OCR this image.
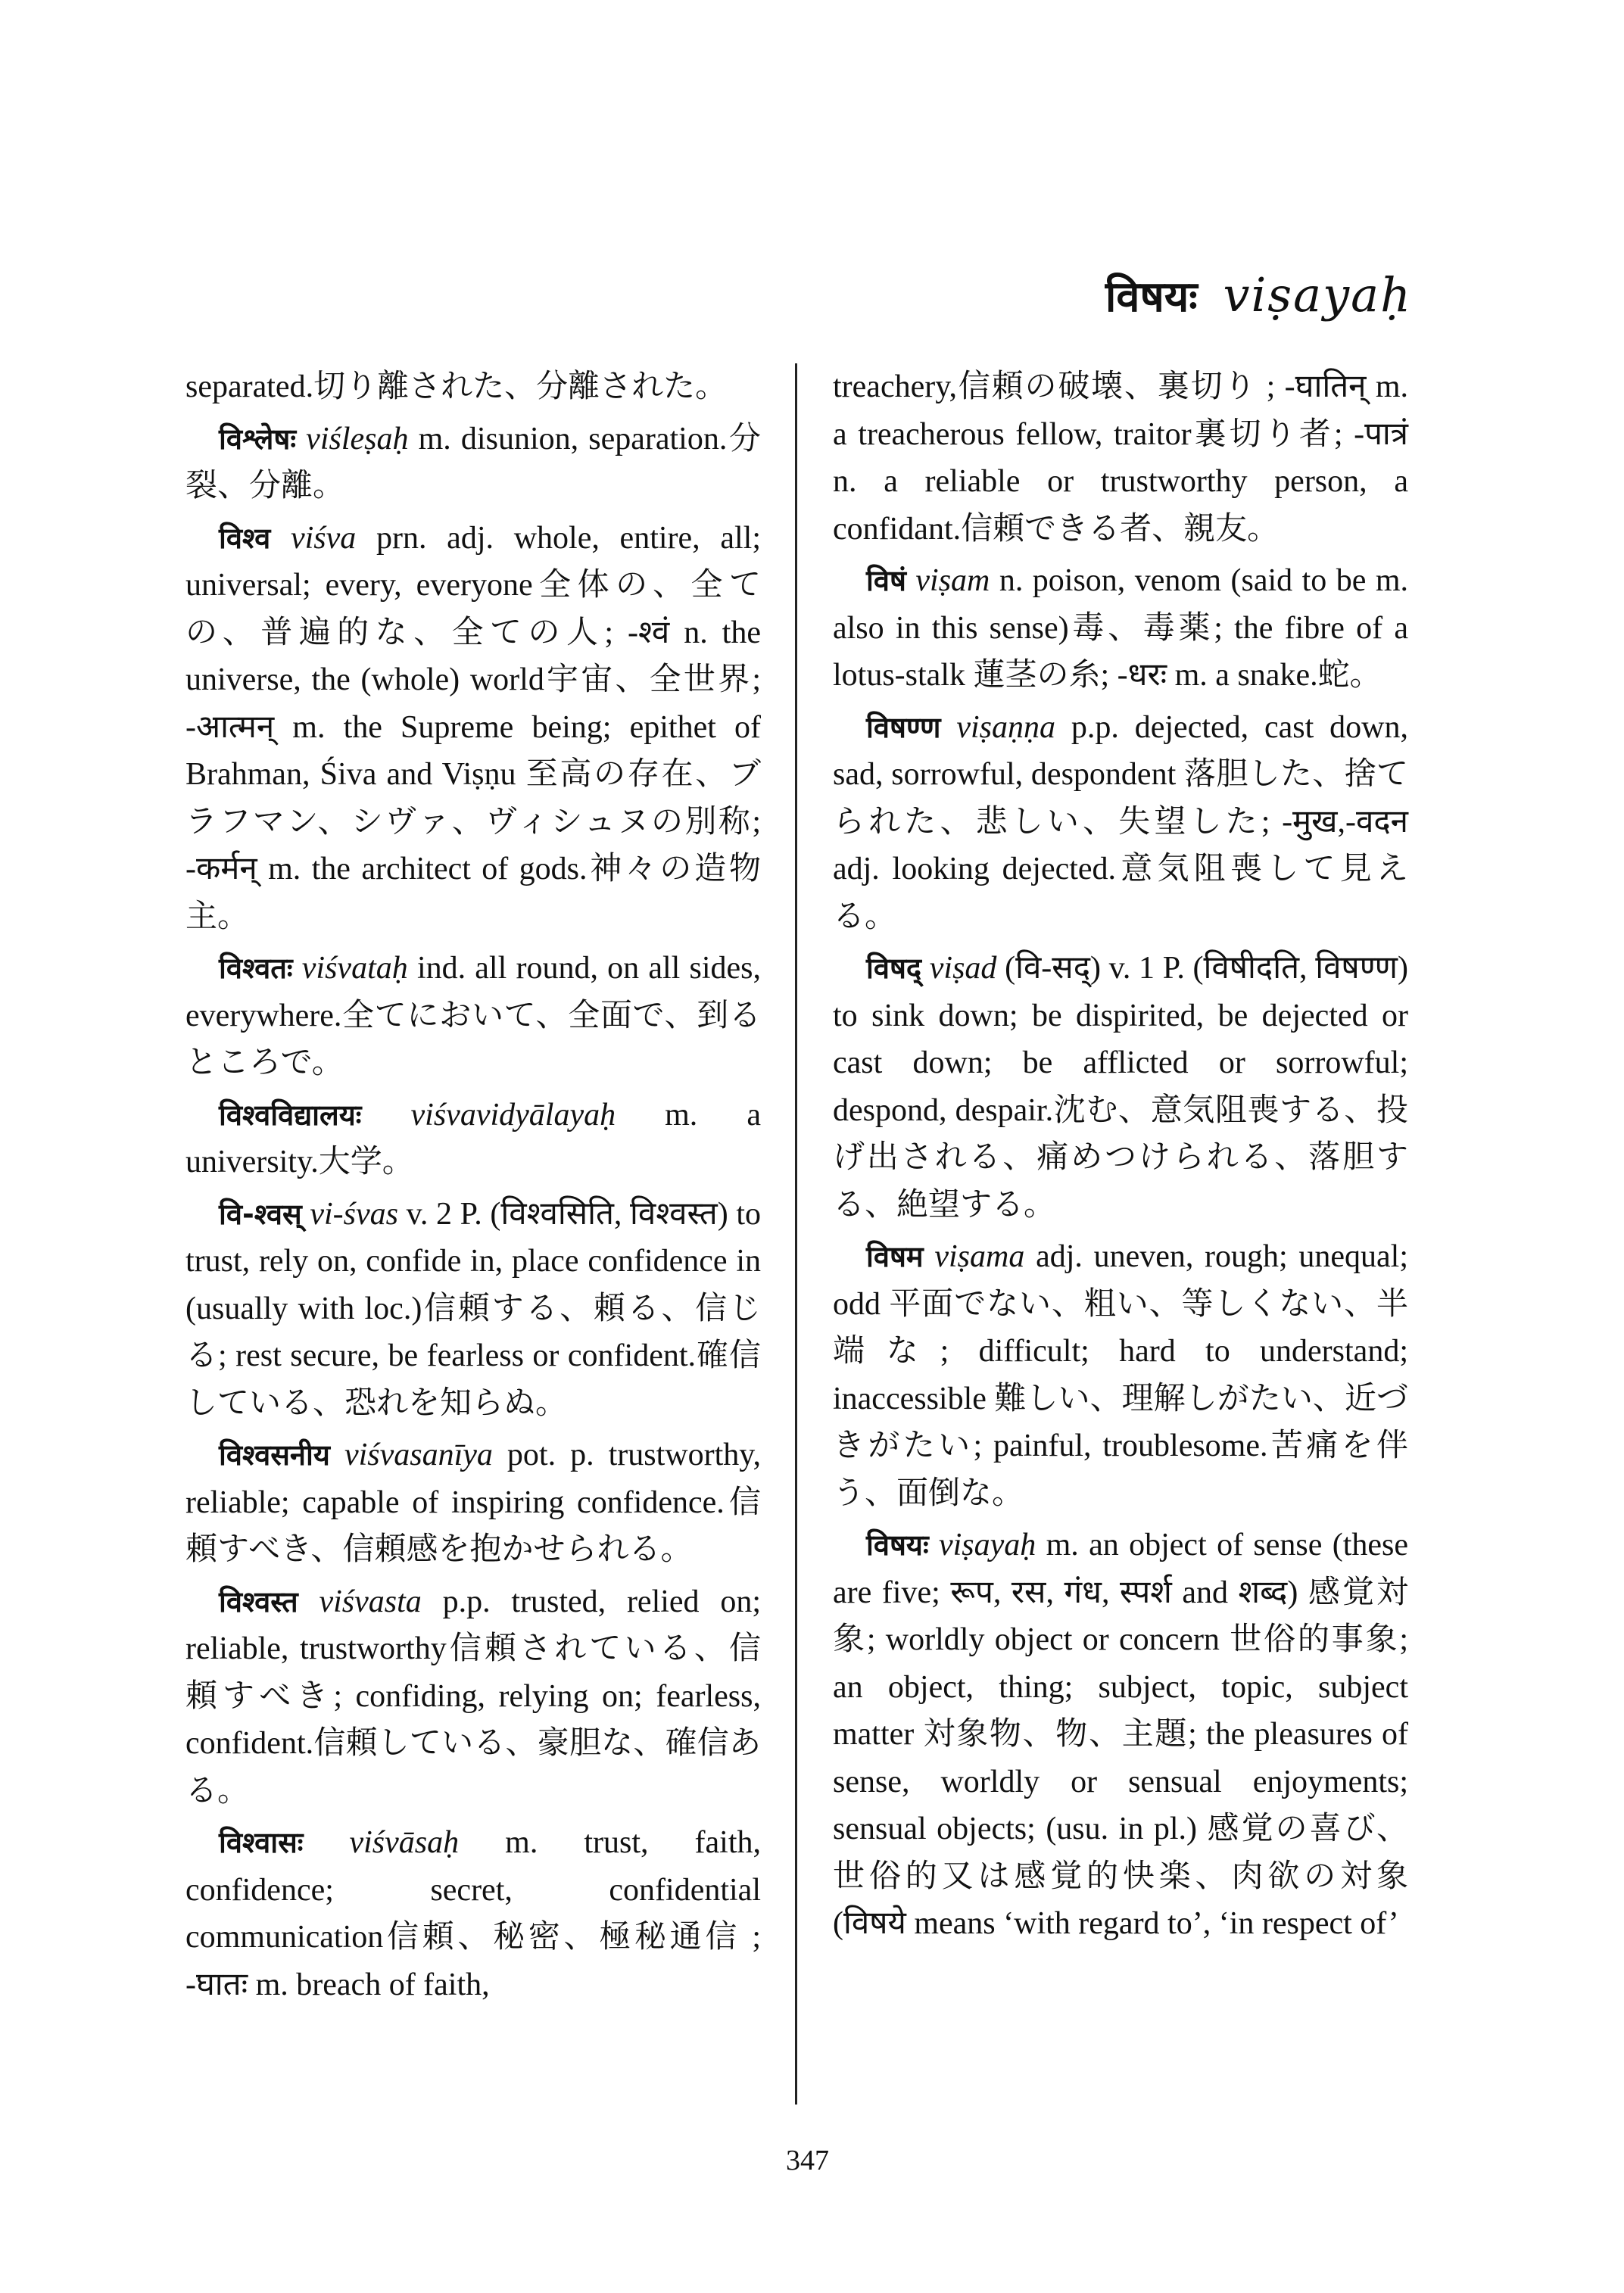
विषयः viṣayaḥ

separated.切り離された、分離された。

विश्लेषः viśleṣaḥ m. disunion, separation.分裂、分離。

विश्व viśva prn. adj. whole, entire, all; universal; every, everyone全体の、全ての、普遍的な、全ての人; -श्वं n. the universe, the (whole) world宇宙、全世界; -आत्मन् m. the Supreme being; epithet of Brahman, Śiva and Viṣṇu 至高の存在、ブラフマン、シヴァ、ヴィシュヌの別称; -कर्मन् m. the architect of gods.神々の造物主。

विश्वतः viśvataḥ ind. all round, on all sides, everywhere.全てにおいて、全面で、到るところで。

विश्वविद्यालयः viśvavidyālayaḥ m. a university.大学。

वि-श्वस् vi-śvas v. 2 P. (विश्वसिति, विश्वस्त) to trust, rely on, confide in, place confidence in (usually with loc.)信頼する、頼る、信じる; rest secure, be fearless or confident.確信している、恐れを知らぬ。

विश्वसनीय viśvasanīya pot. p. trustworthy, reliable; capable of inspiring confidence.信頼すべき、信頼感を抱かせられる。

विश्वस्त viśvasta p.p. trusted, relied on; reliable, trustworthy信頼されている、信頼すべき; confiding, relying on; fearless, confident.信頼している、豪胆な、確信ある。

विश्वासः viśvāsaḥ m. trust, faith, confidence; secret, confidential communication信頼、秘密、極秘通信 ; -घातः m. breach of faith,

treachery,信頼の破壊、裏切り ; -घातिन् m. a treacherous fellow, traitor裏切り者; -पात्रं n. a reliable or trustworthy person, a confidant.信頼できる者、親友。

विषं viṣam n. poison, venom (said to be m. also in this sense)毒、毒薬; the fibre of a lotus-stalk 蓮茎の糸; -धरः m. a snake.蛇。

विषण्ण viṣaṇṇa p.p. dejected, cast down, sad, sorrowful, despondent 落胆した、捨てられた、悲しい、失望した; -मुख,-वदन adj. looking dejected.意気阻喪して見える。

विषद् viṣad (वि-सद्) v. 1 P. (विषीदति, विषण्ण) to sink down; be dispirited, be dejected or cast down; be afflicted or sorrowful; despond, despair.沈む、意気阻喪する、投げ出される、痛めつけられる、落胆する、絶望する。

विषम viṣama adj. uneven, rough; unequal; odd 平面でない、粗い、等しくない、半端な; difficult; hard to understand; inaccessible 難しい、理解しがたい、近づきがたい; painful, troublesome.苦痛を伴う、面倒な。

विषयः viṣayaḥ m. an object of sense (these are five; रूप, रस, गंध, स्पर्श and शब्द) 感覚対象; worldly object or concern 世俗的事象; an object, thing; subject, topic, subject matter 対象物、物、主題; the pleasures of sense, worldly or sensual enjoyments; sensual objects; (usu. in pl.) 感覚の喜び、世俗的又は感覚的快楽、肉欲の対象 (विषये means ‘with regard to’, ‘in respect of’

347
